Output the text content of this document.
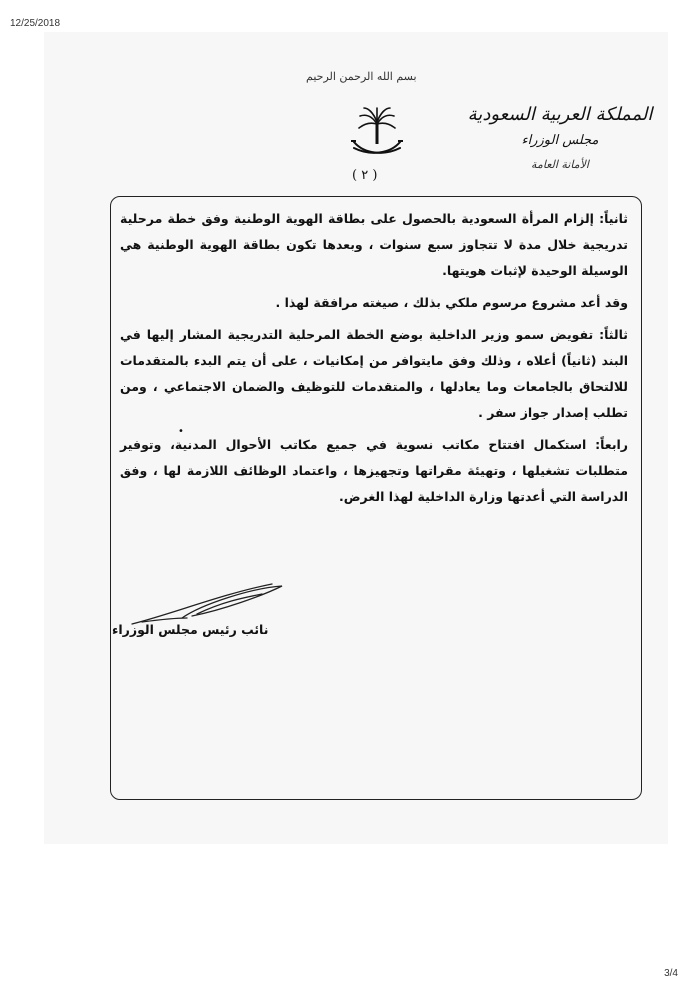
12/25/2018
بسم الله الرحمن الرحيم
( ٢ )
المملكة العربية السعودية
مجلس الوزراء
الأمانة العامة

ثانياً: إلزام المرأة السعودية بالحصول على بطاقة الهوية الوطنية وفق خطة مرحلية تدريجية خلال مدة لا تتجاوز سبع سنوات ، وبعدها تكون بطاقة الهوية الوطنية هي الوسيلة الوحيدة لإثبات هويتها.

وقد أعد مشروع مرسوم ملكي بذلك ، صيغته مرافقة لهذا .

ثالثاً: تفويض سمو وزير الداخلية بوضع الخطة المرحلية التدريجية المشار إليها في البند (ثانياً) أعلاه ، وذلك وفق مايتوافر من إمكانيات ، على أن يتم البدء بالمتقدمات للالتحاق بالجامعات وما يعادلها ، والمتقدمات للتوظيف والضمان الاجتماعي ، ومن تطلب إصدار جواز سفر .

رابعاً: استكمال افتتاح مكاتب نسوية في جميع مكاتب الأحوال المدنية، وتوفير متطلبات تشغيلها ، وتهيئة مقراتها وتجهيزها ، واعتماد الوظائف اللازمة لها ، وفق الدراسة التي أعدتها وزارة الداخلية لهذا الغرض.

•
نائب رئيس مجلس الوزراء
3/4
